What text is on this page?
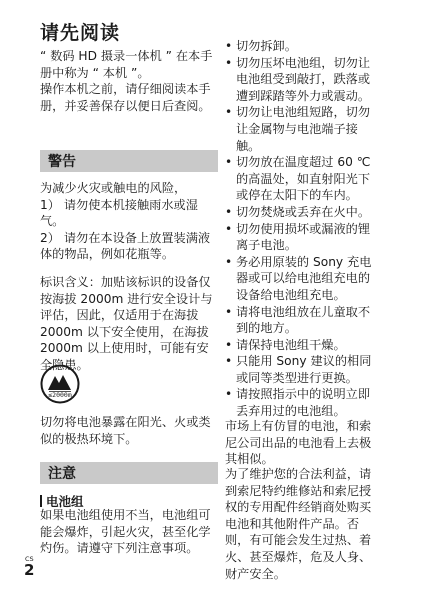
请先阅读
“ 数码 HD 摄录一体机 ” 在本手册中称为 “ 本机 ”。
操作本机之前，请仔细阅读本手册，并妥善保存以便日后查阅。
警告
为减少火灾或触电的风险，
1） 请勿使本机接触雨水或湿气。
2） 请勿在本设备上放置装满液体的物品，例如花瓶等。
标识含义：加贴该标识的设备仅按海拔 2000m 进行安全设计与评估，因此，仅适用于在海拔 2000m 以下安全使用，在海拔 2000m 以上使用时，可能有安全隐患。
≤2000m
切勿将电池暴露在阳光、火或类似的极热环境下。
注意
电池组
如果电池组使用不当，电池组可能会爆炸，引起火灾，甚至化学灼伤。请遵守下列注意事项。
CS
2
• 切勿拆卸。
• 切勿压坏电池组，切勿让电池组受到敲打，跌落或遭到踩踏等外力或震动。
• 切勿让电池组短路，切勿让金属物与电池端子接触。
• 切勿放在温度超过 60 ℃的高温处，如直射阳光下或停在太阳下的车内。
• 切勿焚烧或丢弃在火中。
• 切勿使用损坏或漏液的锂离子电池。
• 务必用原装的 Sony 充电器或可以给电池组充电的设备给电池组充电。
• 请将电池组放在儿童取不到的地方。
• 请保持电池组干燥。
• 只能用 Sony 建议的相同或同等类型进行更换。
• 请按照指示中的说明立即丢弃用过的电池组。
市场上有仿冒的电池，和索尼公司出品的电池看上去极其相似。
为了维护您的合法利益，请到索尼特约维修站和索尼授权的专用配件经销商处购买电池和其他附件产品。否则，有可能会发生过热、着火、甚至爆炸，危及人身、财产安全。
